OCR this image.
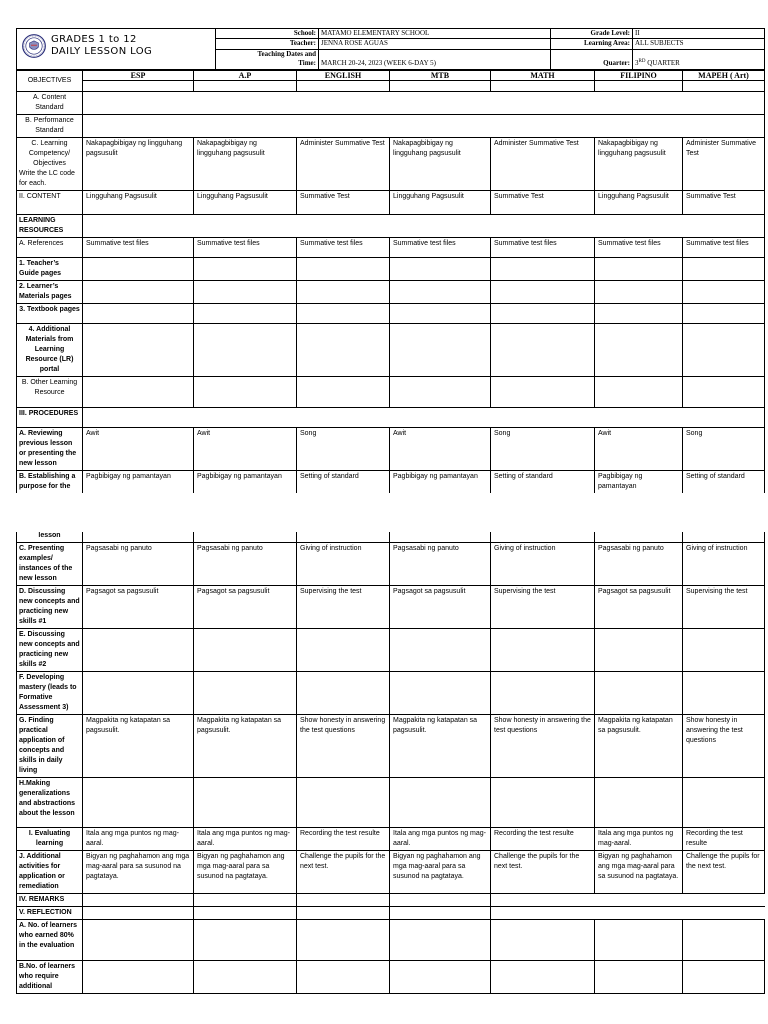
GRADES 1 to 12
DAILY LESSON LOG
School:	MATAMO ELEMENTARY SCHOOL	Grade Level:	II
Teacher:	JENNA ROSE AGUAS	Learning Area:	ALL SUBJECTS
Teaching Dates and			
Time:	MARCH 20-24, 2023 (WEEK 6-DAY 5)	Quarter:	3RD QUARTER
OBJECTIVES	ESP	A.P	ENGLISH	MTB	MATH	FILIPINO	MAPEH ( Art)

A. Content Standard							
B. Performance Standard							

C. Learning Competency/ Objectives
Write the LC code for each.	Nakapagbibigay ng lingguhang pagsusulit	Nakapagbibigay ng lingguhang pagsusulit	Administer Summative Test	Nakapagbibigay ng lingguhang pagsusulit	Administer Summative Test	Nakapagbibigay ng lingguhang pagsusulit	Administer Summative Test
II. CONTENT	Lingguhang Pagsusulit	Lingguhang Pagsusulit	Summative Test	Lingguhang Pagsusulit	Summative Test	Lingguhang Pagsusulit	Summative Test
LEARNING RESOURCES							
A. References	Summative test files	Summative test files	Summative test files	Summative test files	Summative test files	Summative test files	Summative test files
1. Teacher’s Guide pages							
2. Learner’s Materials pages							
3. Textbook pages							
4. Additional Materials from Learning Resource (LR) portal							
B. Other Learning Resource							
III. PROCEDURES							
A. Reviewing previous lesson or presenting the new lesson	Awit	Awit	Song	Awit	Song	Awit	Song
B. Establishing a purpose for the	Pagbibigay ng pamantayan	Pagbibigay ng pamantayan	Setting of standard	Pagbibigay ng pamantayan	Setting of standard	Pagbibigay ng pamantayan	Setting of standard
lesson							
C. Presenting examples/ instances of the new lesson	Pagsasabi ng panuto	Pagsasabi ng panuto	Giving of instruction	Pagsasabi ng panuto	Giving of instruction	Pagsasabi ng panuto	Giving of instruction
D. Discussing new concepts and practicing new skills #1	Pagsagot sa pagsusulit	Pagsagot sa pagsusulit	Supervising the test	Pagsagot sa pagsusulit	Supervising the test	Pagsagot sa pagsusulit	Supervising the test
E. Discussing new concepts and practicing new skills #2							
F. Developing mastery (leads to Formative Assessment 3)							
G. Finding practical application of concepts and skills in daily living	Magpakita ng katapatan sa pagsusulit.	Magpakita ng katapatan sa pagsusulit.	Show honesty in answering the test questions	Magpakita ng katapatan sa pagsusulit.	Show honesty in answering the test questions	Magpakita ng katapatan sa pagsusulit.	Show honesty in answering the test questions
H.Making generalizations and abstractions about the lesson							
I. Evaluating learning	Itala ang mga puntos ng mag-aaral.	Itala ang mga puntos ng mag-aaral.	Recording the test resulte	Itala ang mga puntos ng mag-aaral.	Recording the test resulte	Itala ang mga puntos ng mag-aaral.	Recording the test resulte
J. Additional activities for application or remediation	Bigyan ng paghahamon ang mga mag-aaral para sa susunod na pagtataya.	Bigyan ng paghahamon ang mga mag-aaral para sa susunod na pagtataya.	Challenge the pupils for the next test.	Bigyan ng paghahamon ang mga mag-aaral para sa susunod na pagtataya.	Challenge the pupils for the next test.	Bigyan ng paghahamon ang mga mag-aaral para sa susunod na pagtataya.	Challenge the pupils for the next test.
IV. REMARKS							
V. REFLECTION							
A. No. of learners who earned 80% in the evaluation							
B.No. of learners who require additional							
